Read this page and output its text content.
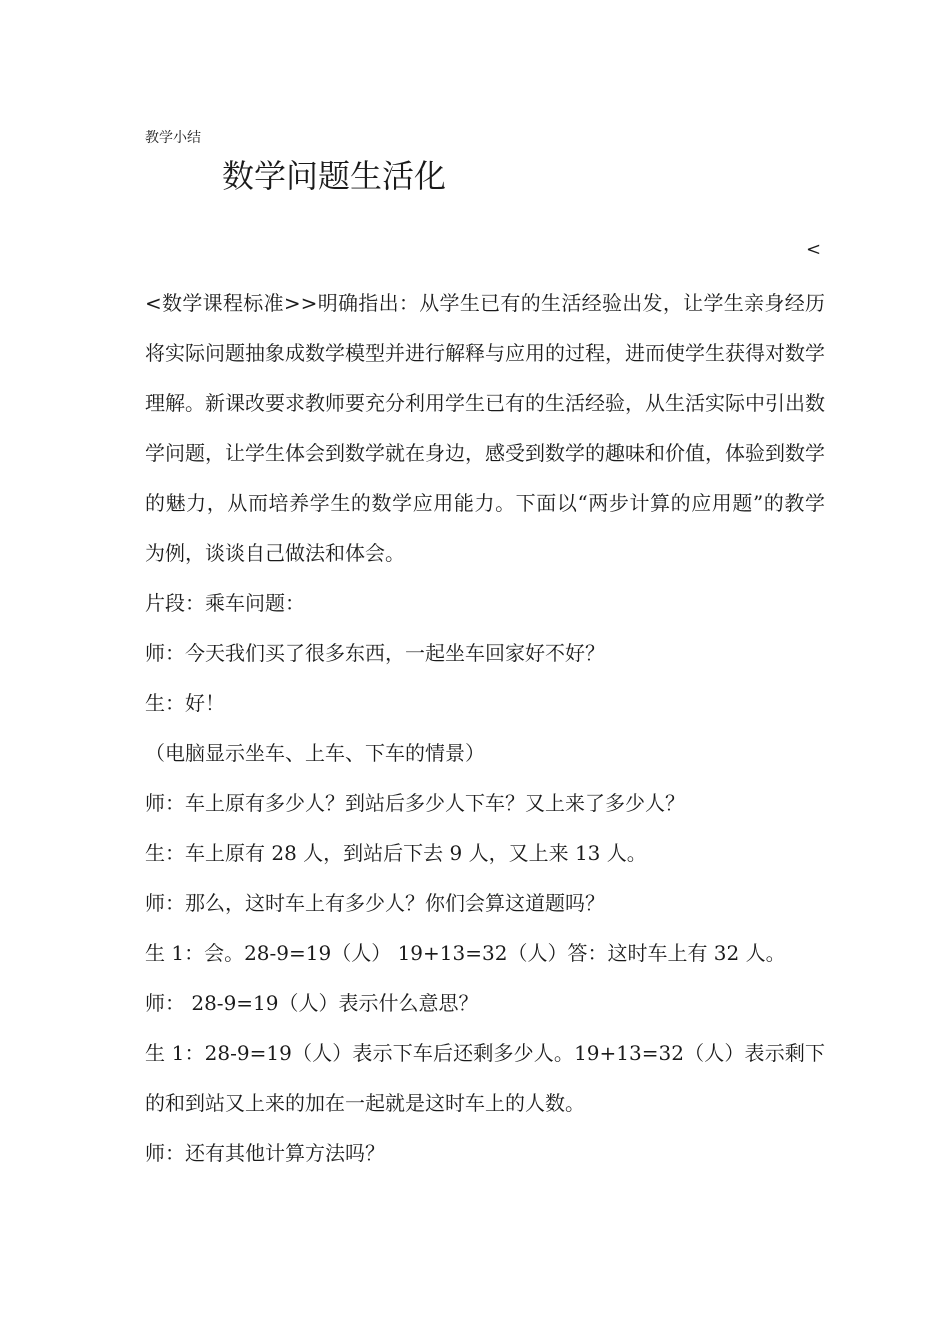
教学小结
数学问题生活化
<

<数学课程标准>>明确指出：从学生已有的生活经验出发，让学生亲身经历将实际问题抽象成数学模型并进行解释与应用的过程，进而使学生获得对数学理解。新课改要求教师要充分利用学生已有的生活经验，从生活实际中引出数学问题，让学生体会到数学就在身边，感受到数学的趣味和价值，体验到数学的魅力，从而培养学生的数学应用能力。下面以“两步计算的应用题”的教学为例，谈谈自己做法和体会。

片段：乘车问题：

师：今天我们买了很多东西，一起坐车回家好不好？

生：好！

（电脑显示坐车、上车、下车的情景）

师：车上原有多少人？到站后多少人下车？又上来了多少人？

生：车上原有 28 人，到站后下去 9 人，又上来 13 人。

师：那么，这时车上有多少人？你们会算这道题吗？

生 1：会。28-9=19（人） 19+13=32（人）答：这时车上有 32 人。

师： 28-9=19（人）表示什么意思？

生 1：28-9=19（人）表示下车后还剩多少人。19+13=32（人）表示剩下的和到站又上来的加在一起就是这时车上的人数。

师：还有其他计算方法吗？
